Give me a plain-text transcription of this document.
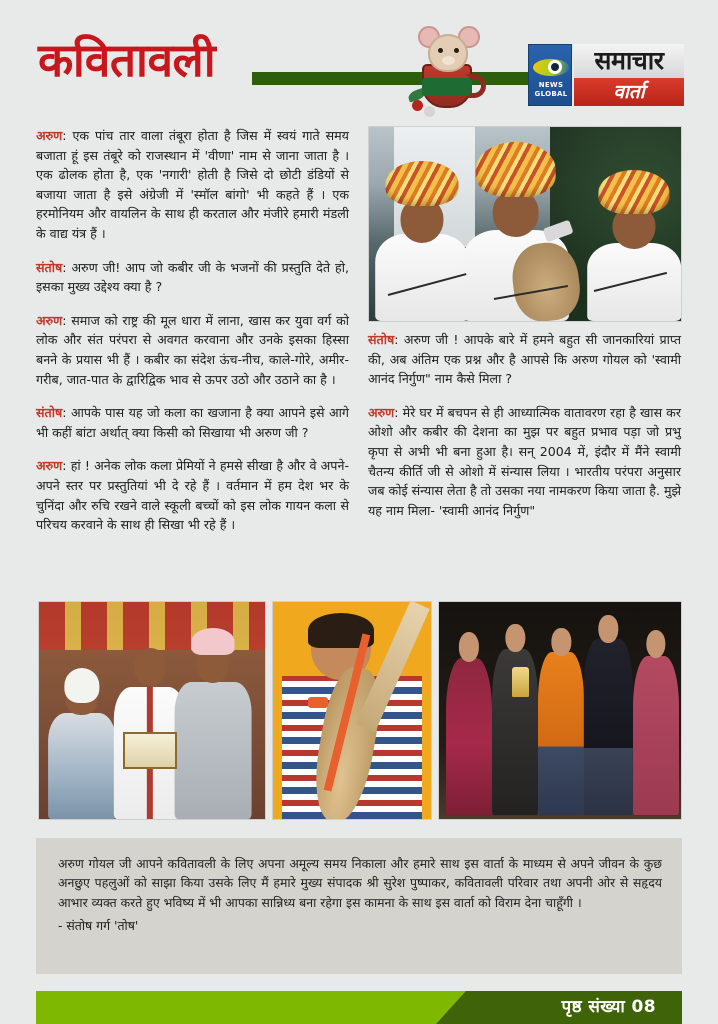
कवितावली	NEWS
GLOBAL
समाचार
वार्ता

अरुण: एक पांच तार वाला तंबूरा होता है जिस में स्वयं गाते समय बजाता हूं इस तंबूरे को राजस्थान में 'वीणा' नाम से जाना जाता है । एक ढोलक होता है, एक 'नगारी' होती है जिसे दो छोटी डंडियों से बजाया जाता है इसे अंग्रेजी में 'स्मॉल बांगो' भी कहते हैं । एक हरमोनियम और वायलिन के साथ ही करताल और मंजीरे हमारी मंडली के वाद्य यंत्र हैं ।

संतोष: अरुण जी! आप जो कबीर जी के भजनों की प्रस्तुति देते हो, इसका मुख्य उद्देश्य क्या है ?

अरुण: समाज को राष्ट्र की मूल धारा में लाना, खास कर युवा वर्ग को लोक और संत परंपरा से अवगत करवाना और उनके इसका हिस्सा बनने के प्रयास भी हैं । कबीर का संदेश ऊंच-नीच, काले-गोरे, अमीर-गरीब, जात-पात के द्वारिद्विक भाव से ऊपर उठो और उठाने का है ।

संतोष: आपके पास यह जो कला का खजाना है क्या आपने इसे आगे भी कहीं बांटा अर्थात् क्या किसी को सिखाया भी अरुण जी ?

अरुण: हां ! अनेक लोक कला प्रेमियों ने हमसे सीखा है और वे अपने-अपने स्तर पर प्रस्तुतियां भी दे रहे हैं । वर्तमान में हम देश भर के चुनिंदा और रुचि रखने वाले स्कूली बच्चों को इस लोक गायन कला से परिचय करवाने के साथ ही सिखा भी रहे हैं ।

संतोष: अरुण जी ! आपके बारे में हमने बहुत सी जानकारियां प्राप्त की, अब अंतिम एक प्रश्न और है आपसे कि अरुण गोयल को 'स्वामी आनंद निर्गुण" नाम कैसे मिला ?

अरुण: मेरे घर में बचपन से ही आध्यात्मिक वातावरण रहा है खास कर ओशो और कबीर की देशना का मुझ पर बहुत प्रभाव पड़ा जो प्रभु कृपा से अभी भी बना हुआ है। सन् 2004 में, इंदौर में मैंने स्वामी चैतन्य कीर्ति जी से ओशो में संन्यास लिया । भारतीय परंपरा अनुसार जब कोई संन्यास लेता है तो उसका नया नामकरण किया जाता है. मुझे यह नाम मिला- 'स्वामी आनंद निर्गुण"

अरुण गोयल जी आपने कवितावली के लिए अपना अमूल्य समय निकाला और हमारे साथ इस वार्ता के माध्यम से अपने जीवन के कुछ अनछुए पहलुओं को साझा किया उसके लिए मैं हमारे मुख्य संपादक श्री सुरेश पुष्पाकर, कवितावली परिवार तथा अपनी ओर से सहृदय आभार व्यक्त करते हुए भविष्य में भी आपका सान्निध्य बना रहेगा इस कामना के साथ इस वार्ता को विराम देना चाहूँगी ।

- संतोष गर्ग 'तोष'

पृष्ठ संख्या 08
